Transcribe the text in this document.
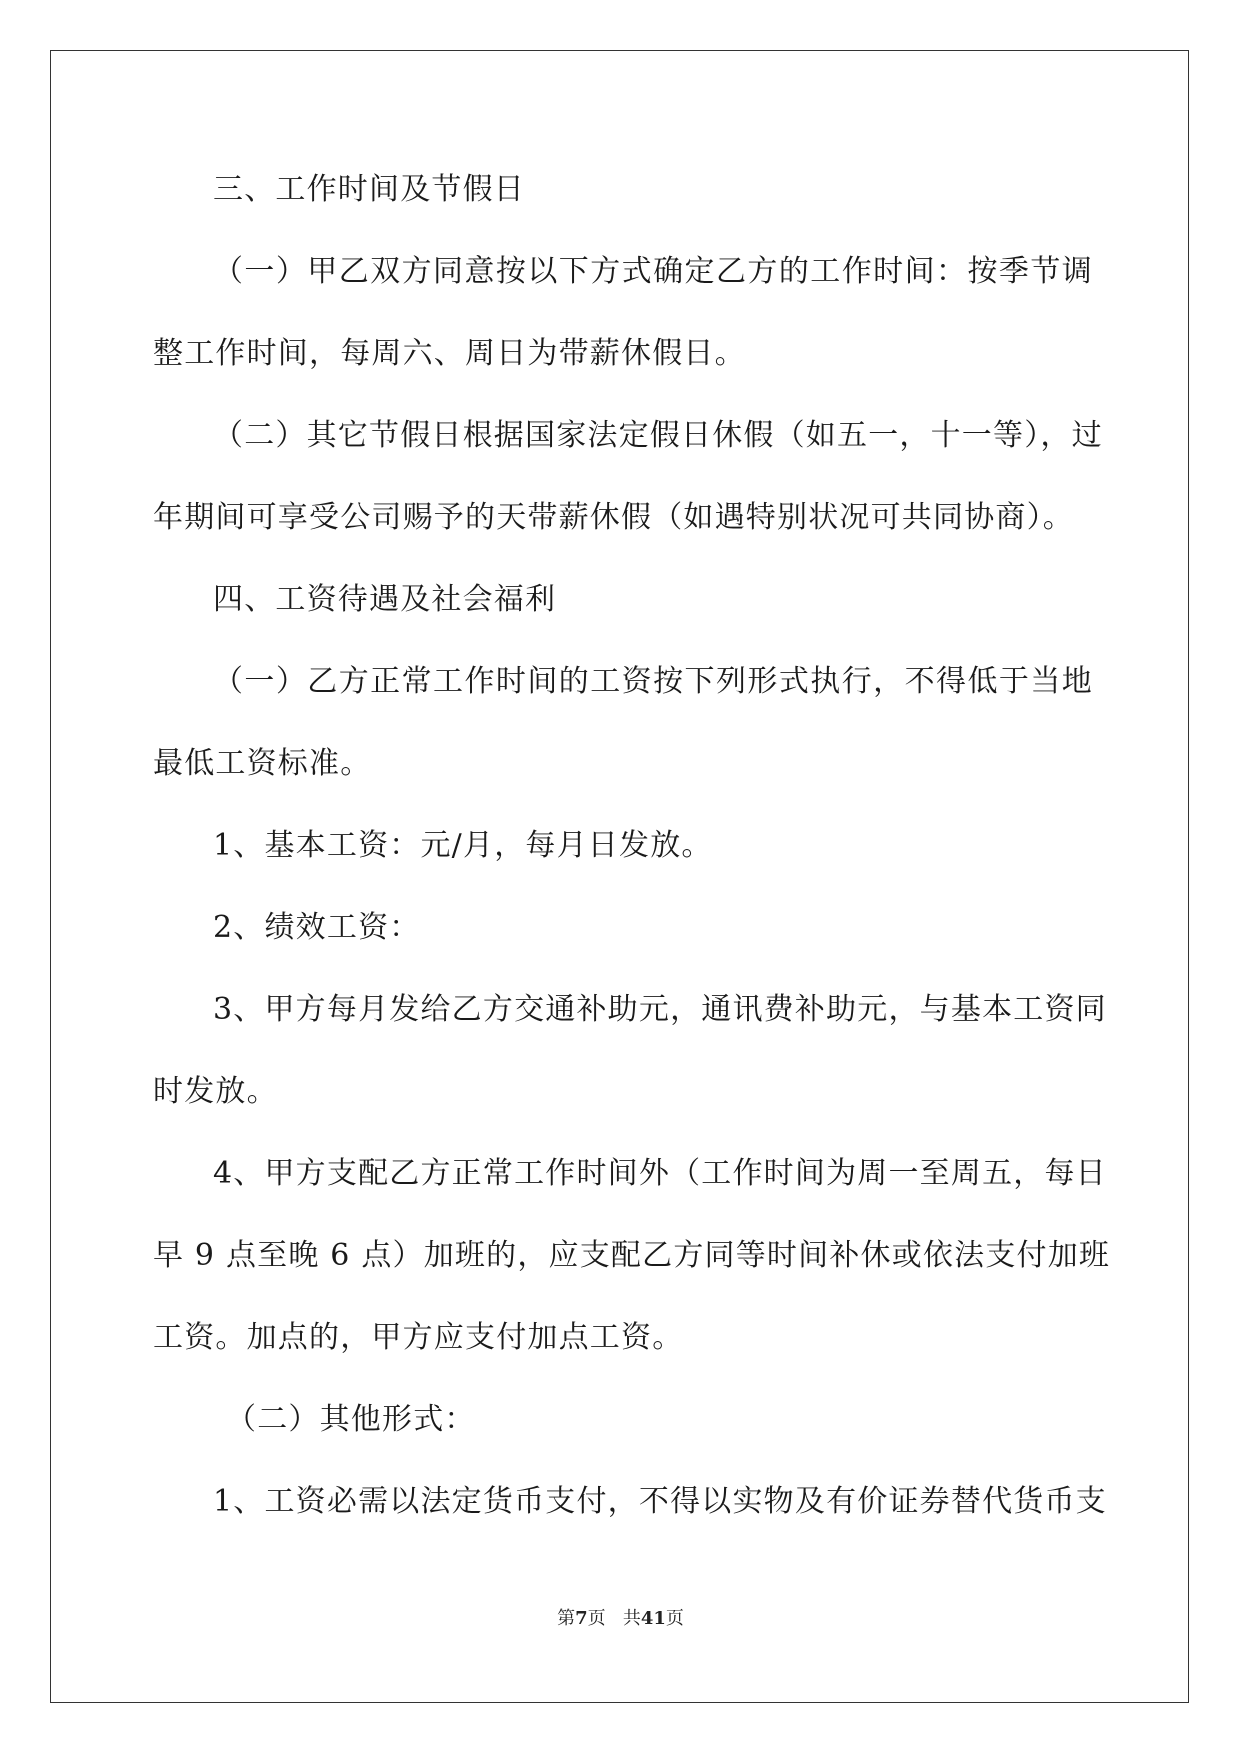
三、工作时间及节假日
（一）甲乙双方同意按以下方式确定乙方的工作时间：按季节调
整工作时间，每周六、周日为带薪休假日。
（二）其它节假日根据国家法定假日休假（如五一，十一等），过
年期间可享受公司赐予的天带薪休假（如遇特别状况可共同协商）。
四、工资待遇及社会福利
（一）乙方正常工作时间的工资按下列形式执行，不得低于当地
最低工资标准。
1、基本工资：元/月，每月日发放。
2、绩效工资：
3、甲方每月发给乙方交通补助元，通讯费补助元，与基本工资同
时发放。
4、甲方支配乙方正常工作时间外（工作时间为周一至周五，每日
早 9 点至晚 6 点）加班的，应支配乙方同等时间补休或依法支付加班
工资。加点的，甲方应支付加点工资。
（二）其他形式：
1、工资必需以法定货币支付，不得以实物及有价证券替代货币支
第7页 共41页
